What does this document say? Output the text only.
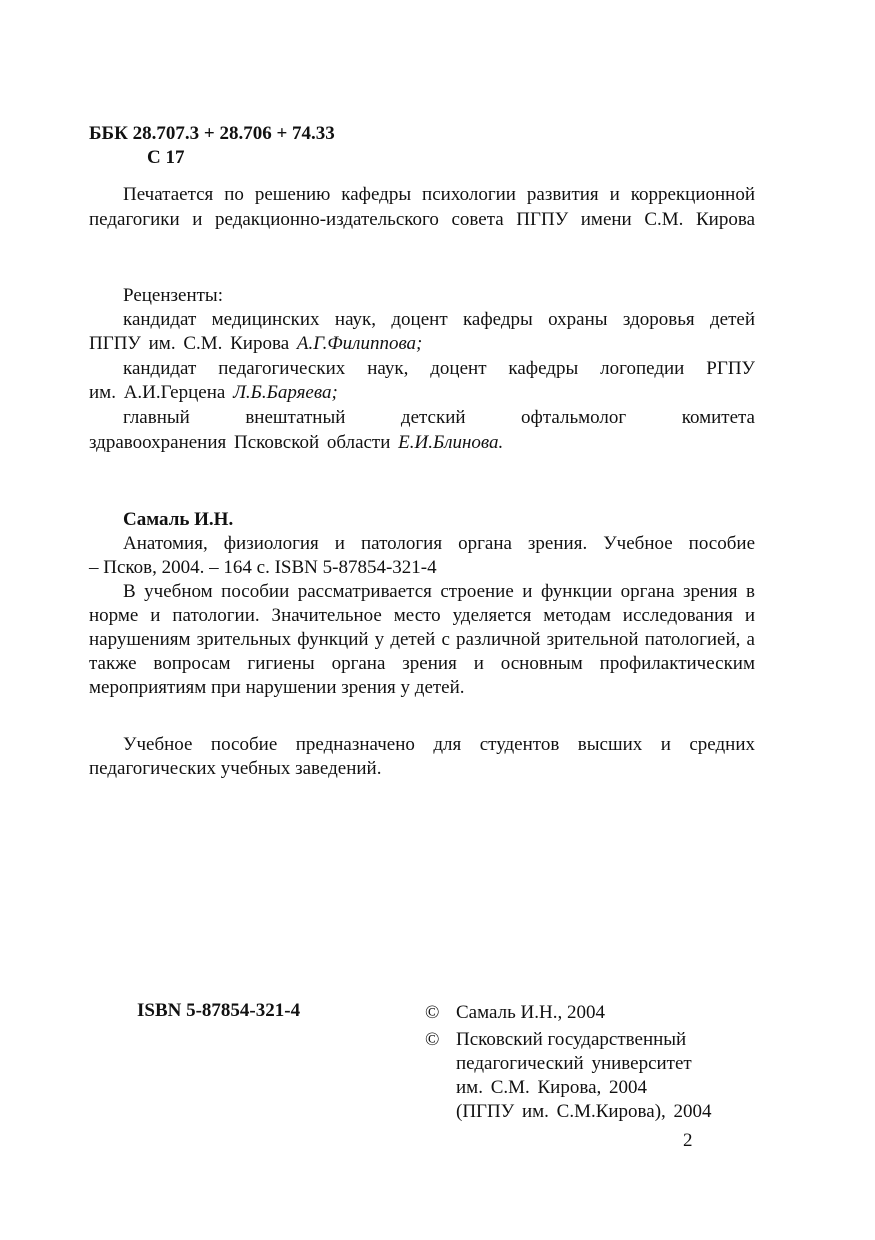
ББК 28.707.3 + 28.706 + 74.33
С 17
Печатается по решению кафедры психологии развития и коррекционной
педагогики и редакционно-издательского совета ПГПУ имени С.М. Кирова
Рецензенты:
кандидат медицинских наук, доцент кафедры охраны здоровья детей
ПГПУ им. С.М. Кирова А.Г.Филиппова;
кандидат педагогических наук, доцент кафедры логопедии РГПУ
им. А.И.Герцена Л.Б.Баряева;
главный внештатный детский офтальмолог комитета
здравоохранения Псковской области Е.И.Блинова.
Самаль И.Н.
Анатомия, физиология и патология органа зрения. Учебное пособие
– Псков, 2004. – 164 с. ISBN 5-87854-321-4
В учебном пособии рассматривается строение и функции органа зрения в норме и патологии. Значительное место уделяется методам исследования и нарушениям зрительных функций у детей с различной зрительной патологией, а также вопросам гигиены органа зрения и основным профилактическим мероприятиям при нарушении зрения у детей.
Учебное пособие предназначено для студентов высших и средних педагогических учебных заведений.
ISBN 5-87854-321-4	© Самаль И.Н., 2004
© Псковский государственный
педагогический университет
им. С.М. Кирова, 2004
(ПГПУ им. С.М.Кирова), 2004
2
